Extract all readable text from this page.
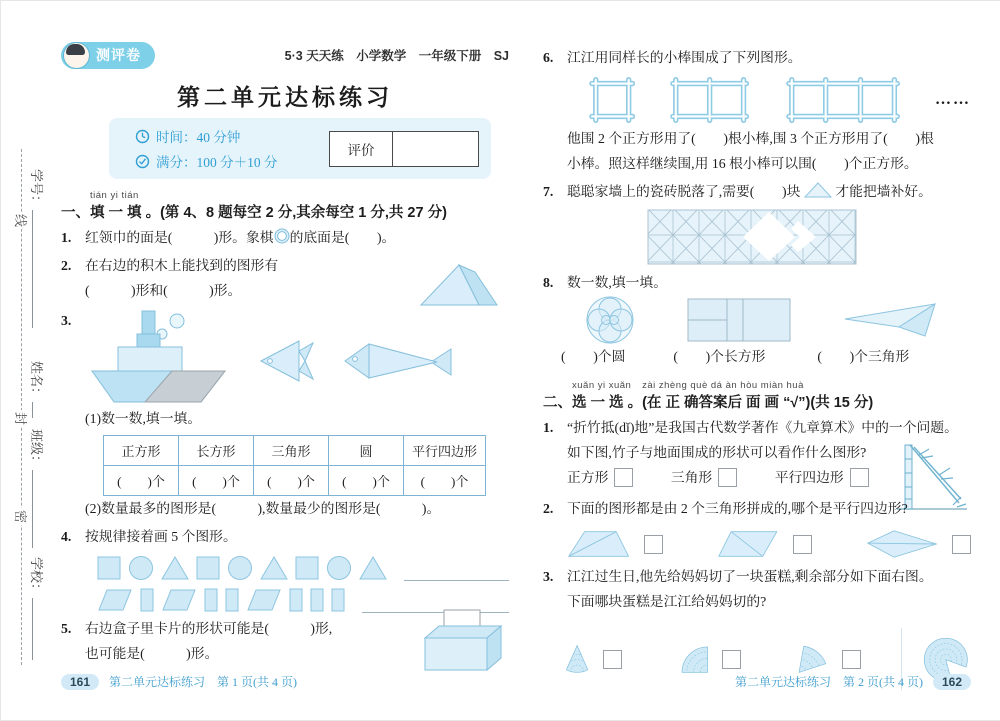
线
封
密
学号：
姓名：
班级：
学校：
测评卷	5·3 天天练　小学数学　一年级下册　SJ
第二单元达标练习
时间：40 分钟
满分：100 分＋10 分
评价
一、
tián yi tián
填 一 填 。 (第 4、8 题每空 2 分,其余每空 1 分,共 27 分)
1. 红领巾的面是(　　　)形。象棋 的底面是(　　)。
2. 在右边的积木上能找到的图形有
(　　　)形和(　　　)形。
3.
(1)数一数,填一填。
正方形	长方形	三角形	圆	平行四边形
(　　)个	(　　)个	(　　)个	(　　)个	(　　)个
(2)数量最多的图形是(　　　),数量最少的图形是(　　　)。
4. 按规律接着画 5 个图形。
5. 右边盒子里卡片的形状可能是(　　　)形,
也可能是(　　　)形。
6. 江江用同样长的小棒围成了下列图形。
……
他围 2 个正方形用了(　　)根小棒,围 3 个正方形用了(　　)根
小棒。照这样继续围,用 16 根小棒可以围(　　)个正方形。
7. 聪聪家墙上的瓷砖脱落了,需要(　　)块	才能把墙补好。
8. 数一数,填一填。
(　　)个圆	(　　)个长方形	(　　)个三角形
二、
xuǎn yi xuǎn
选 一 选 。
zài zhèng què dá àn hòu miàn huà
(在 正 确答案后 面 画 “√”) (共 15 分)
1. “折竹抵(dǐ)地”是我国古代数学著作《九章算术》中的一个问题。
如下图,竹子与地面围成的形状可以看作什么图形?

正方形
	三角形
	平行四边形
2. 下面的图形都是由 2 个三角形拼成的,哪个是平行四边形?
3. 江江过生日,他先给妈妈切了一块蛋糕,剩余部分如下面右图。
下面哪块蛋糕是江江给妈妈切的?
161	第二单元达标练习　第 1 页(共 4 页)	第二单元达标练习　第 2 页(共 4 页)	162
